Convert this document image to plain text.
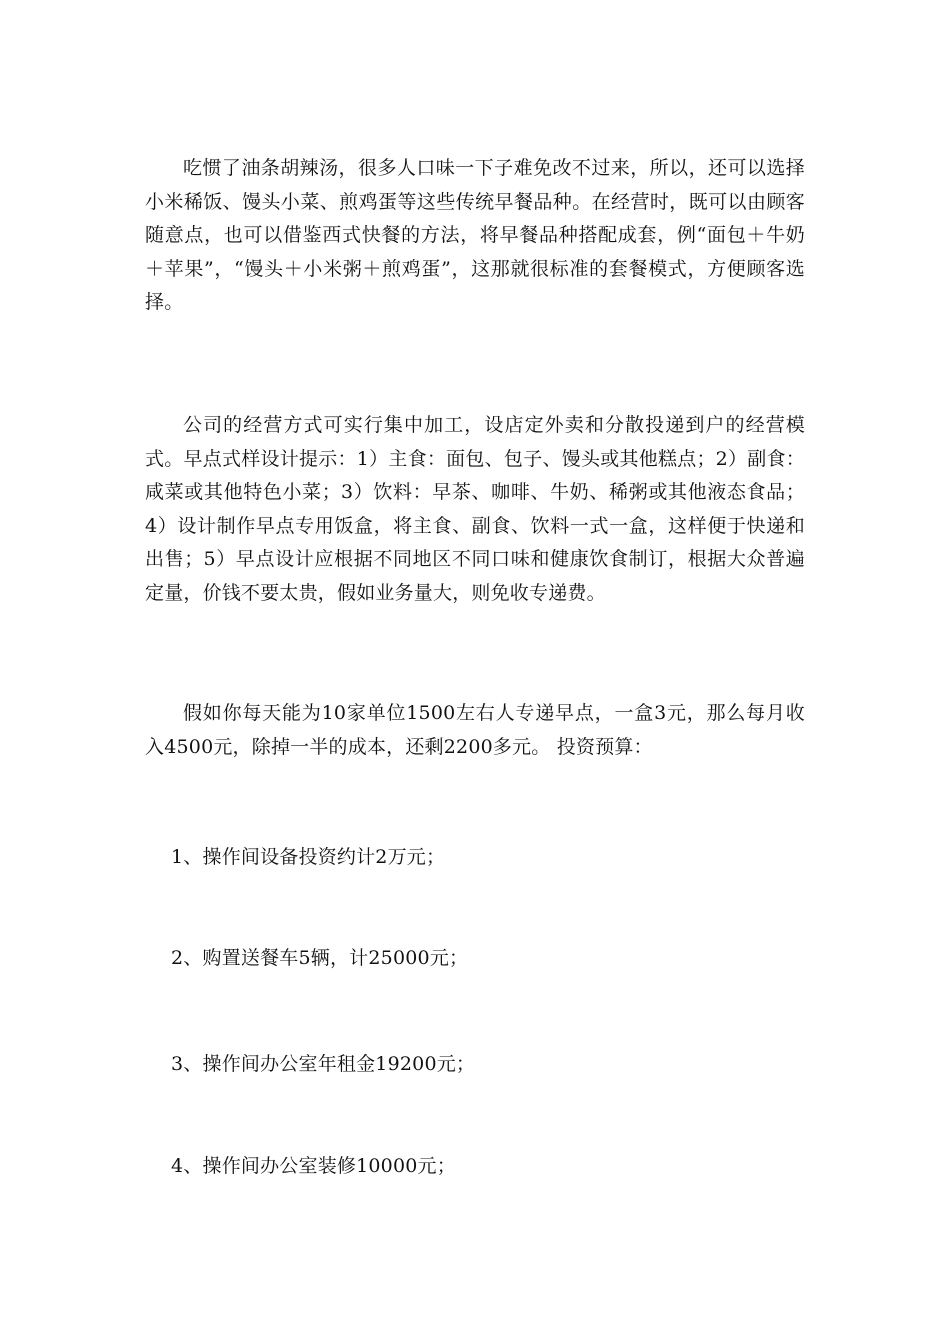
吃惯了油条胡辣汤，很多人口味一下子难免改不过来，所以，还可以选择小米稀饭、馒头小菜、煎鸡蛋等这些传统早餐品种。在经营时，既可以由顾客随意点，也可以借鉴西式快餐的方法，将早餐品种搭配成套，例“面包＋牛奶＋苹果”，“馒头＋小米粥＋煎鸡蛋”，这那就很标准的套餐模式，方便顾客选择。

公司的经营方式可实行集中加工，设店定外卖和分散投递到户的经营模式。早点式样设计提示：1）主食：面包、包子、馒头或其他糕点；2）副食：咸菜或其他特色小菜；3）饮料：早茶、咖啡、牛奶、稀粥或其他液态食品；4）设计制作早点专用饭盒，将主食、副食、饮料一式一盒，这样便于快递和出售；5）早点设计应根据不同地区不同口味和健康饮食制订，根据大众普遍定量，价钱不要太贵，假如业务量大，则免收专递费。

假如你每天能为10家单位1500左右人专递早点，一盒3元，那么每月收入4500元，除掉一半的成本，还剩2200多元。 投资预算：

1、操作间设备投资约计2万元；

2、购置送餐车5辆，计25000元；

3、操作间办公室年租金19200元；

4、操作间办公室装修10000元；
